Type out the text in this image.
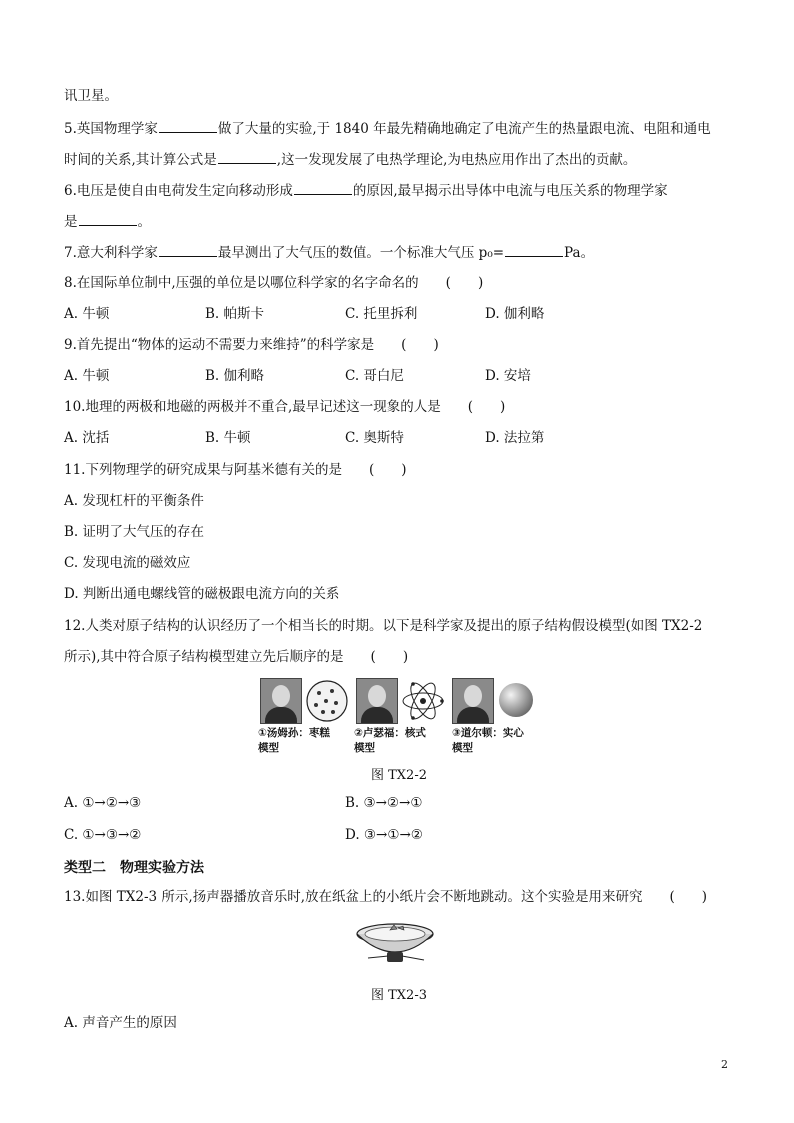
讯卫星。
5.英国物理学家	做了大量的实验,于 1840 年最先精确地确定了电流产生的热量跟电流、电阻和通电
时间的关系,其计算公式是	,这一发现发展了电热学理论,为电热应用作出了杰出的贡献。
6.电压是使自由电荷发生定向移动形成	的原因,最早揭示出导体中电流与电压关系的物理学家
是	。
7.意大利科学家	最早测出了大气压的数值。一个标准大气压 p₀=	Pa。
8.在国际单位制中,压强的单位是以哪位科学家的名字命名的　　(　　)
A. 牛顿	B. 帕斯卡	C. 托里拆利	D. 伽利略
9.首先提出“物体的运动不需要力来维持”的科学家是　　(　　)
A. 牛顿	B. 伽利略	C. 哥白尼	D. 安培
10.地理的两极和地磁的两极并不重合,最早记述这一现象的人是　　(　　)
A. 沈括	B. 牛顿	C. 奥斯特	D. 法拉第
11.下列物理学的研究成果与阿基米德有关的是　　(　　)
A. 发现杠杆的平衡条件
B. 证明了大气压的存在
C. 发现电流的磁效应
D. 判断出通电螺线管的磁极跟电流方向的关系
12.人类对原子结构的认识经历了一个相当长的时期。以下是科学家及提出的原子结构假设模型(如图 TX2-2
所示),其中符合原子结构模型建立先后顺序的是　　(　　)
①汤姆孙：枣糕
模型
②卢瑟福：核式
模型
③道尔顿：实心
模型
图 TX2-2
A. ①→②→③	B. ③→②→①
C. ①→③→②	D. ③→①→②
类型二　物理实验方法
13.如图 TX2-3 所示,扬声器播放音乐时,放在纸盆上的小纸片会不断地跳动。这个实验是用来研究　　(　　)
图 TX2-3
A. 声音产生的原因
2
